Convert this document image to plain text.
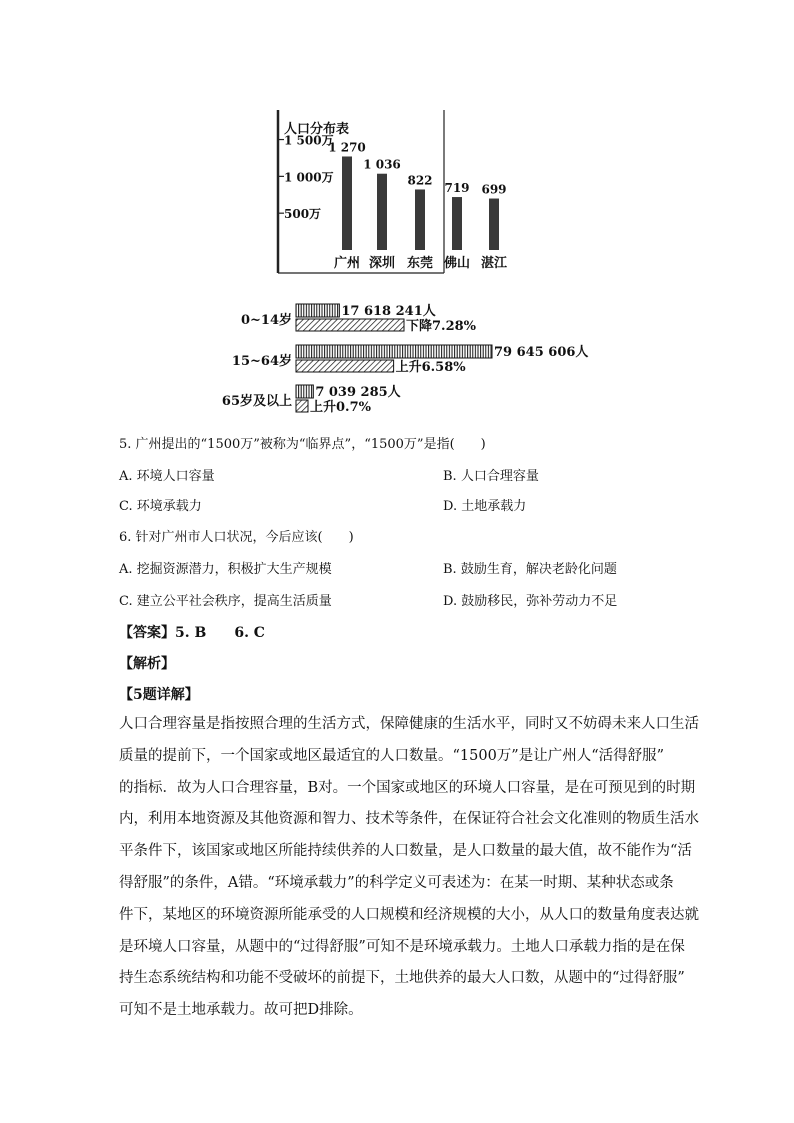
人口分布表
1 500万
1 000万
500万
1 270
广州
1 036
深圳
822
东莞
719
佛山
699
湛江
17 618 241人
下降7.28%
0~14岁
79 645 606人
上升6.58%
15~64岁
7 039 285人
上升0.7%
65岁及以上
5. 广州提出的“1500万”被称为“临界点”，“1500万”是指(　　)
A. 环境人口容量	B. 人口合理容量
C. 环境承载力	D. 土地承载力
6. 针对广州市人口状况，今后应该(　　)
A. 挖掘资源潜力，积极扩大生产规模	B. 鼓励生育，解决老龄化问题
C. 建立公平社会秩序，提高生活质量	D. 鼓励移民，弥补劳动力不足
【答案】5. B　　6. C
【解析】
【5题详解】
人口合理容量是指按照合理的生活方式，保障健康的生活水平，同时又不妨碍未来人口生活
质量的提前下，一个国家或地区最适宜的人口数量。“1500万”是让广州人“活得舒服”
的指标．故为人口合理容量，B对。一个国家或地区的环境人口容量，是在可预见到的时期
内，利用本地资源及其他资源和智力、技术等条件，在保证符合社会文化准则的物质生活水
平条件下，该国家或地区所能持续供养的人口数量，是人口数量的最大值，故不能作为“活
得舒服”的条件，A错。“环境承载力”的科学定义可表述为：在某一时期、某种状态或条
件下，某地区的环境资源所能承受的人口规模和经济规模的大小，从人口的数量角度表达就
是环境人口容量，从题中的“过得舒服”可知不是环境承载力。土地人口承载力指的是在保
持生态系统结构和功能不受破坏的前提下，土地供养的最大人口数，从题中的“过得舒服”
可知不是土地承载力。故可把D排除。
